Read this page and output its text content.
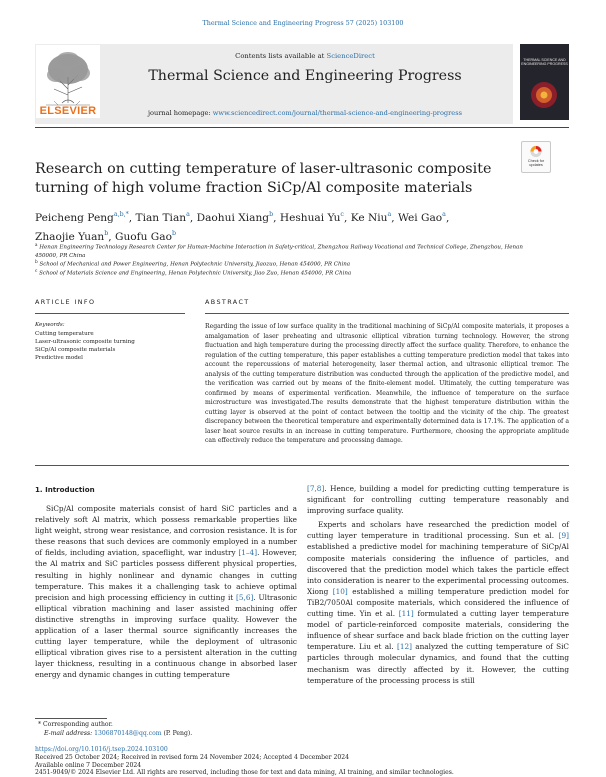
Thermal Science and Engineering Progress 57 (2025) 103100
ELSEVIER
Contents lists available at ScienceDirect
Thermal Science and Engineering Progress
journal homepage: www.sciencedirect.com/journal/thermal-science-and-engineering-progress
THERMAL SCIENCE AND ENGINEERING PROGRESS
Check for updates
Research on cutting temperature of laser-ultrasonic composite turning of high volume fraction SiCp/Al composite materials
Peicheng Peng$^{a,b,*}$, Tian Tian$^a$, Daohui Xiang$^b$, Heshuai Yu$^c$, Ke Niu$^a$, Wei Gao$^a$,
Zhaojie Yuan$^b$, Guofu Gao$^b$
$^a$ Henan Engineering Technology Research Center for Human-Machine Interaction in Safety-critical, Zhengzhou Railway Vocational and Technical College, Zhengzhou, Henan 450000, PR China
$^b$ School of Mechanical and Power Engineering, Henan Polytechnic University, Jiaozuo, Henan 454000, PR China
$^c$ School of Materials Science and Engineering, Henan Polytechnic University, Jiao Zuo, Henan 454000, PR China
ARTICLE INFO	ABSTRACT
Keywords:
Cutting temperature
Laser-ultrasonic composite turning
SiCp/Al composite materials
Predictive model
Regarding the issue of low surface quality in the traditional machining of SiCp/Al composite materials, it proposes a amalgamation of laser preheating and ultrasonic elliptical vibration turning technology. However, the strong fluctuation and high temperature during the processing directly affect the surface quality. Therefore, to enhance the regulation of the cutting temperature, this paper establishes a cutting temperature prediction model that takes into account the repercussions of material heterogeneity, laser thermal action, and ultrasonic elliptical tremor. The analysis of the cutting temperature distribution was conducted through the application of the predictive model, and the verification was carried out by means of the finite-element model. Ultimately, the cutting temperature was confirmed by means of experimental verification. Meanwhile, the influence of temperature on the surface microstructure was investigated.The results demonstrate that the highest temperature distribution within the cutting layer is observed at the point of contact between the tooltip and the vicinity of the chip. The greatest discrepancy between the theoretical temperature and experimentally determined data is 17.1%. The application of a laser heat source results in an increase in cutting temperature. Furthermore, choosing the appropriate amplitude can effectively reduce the temperature and processing damage.
1. Introduction

SiCp/Al composite materials consist of hard SiC particles and a relatively soft Al matrix, which possess remarkable properties like light weight, strong wear resistance, and corrosion resistance. It is for these reasons that such devices are commonly employed in a number of fields, including aviation, spaceflight, war industry [1–4]. However, the Al matrix and SiC particles possess different physical properties, resulting in highly nonlinear and dynamic changes in cutting temperature. This makes it a challenging task to achieve optimal precision and high processing efficiency in cutting it [5,6]. Ultrasonic elliptical vibration machining and laser assisted machining offer distinctive strengths in improving surface quality. However the application of a laser thermal source significantly increases the cutting layer temperature, while the deployment of ultrasonic elliptical vibration gives rise to a persistent alteration in the cutting layer thickness, resulting in a continuous change in absorbed laser energy and dynamic changes in cutting temperature

[7,8]. Hence, building a model for predicting cutting temperature is significant for controlling cutting temperature reasonably and improving surface quality.

Experts and scholars have researched the prediction model of cutting layer temperature in traditional processing. Sun et al. [9] established a predictive model for machining temperature of SiCp/Al composite materials considering the influence of particles, and discovered that the prediction model which takes the particle effect into consideration is nearer to the experimental processing outcomes. Xiong [10] established a milling temperature prediction model for TiB2/7050Al composite materials, which considered the influence of cutting time. Yin et al. [11] formulated a cutting layer temperature model of particle-reinforced composite materials, considering the influence of shear surface and back blade friction on the cutting layer temperature. Liu et al. [12] analyzed the cutting temperature of SiC particles through molecular dynamics, and found that the cutting mechanism was directly affected by it. However, the cutting temperature of the processing process is still

* Corresponding author.
E-mail address: 1306870148@qq.com (P. Peng).
https://doi.org/10.1016/j.tsep.2024.103100
Received 25 October 2024; Received in revised form 24 November 2024; Accepted 4 December 2024
Available online 7 December 2024
2451-9049/© 2024 Elsevier Ltd. All rights are reserved, including those for text and data mining, AI training, and similar technologies.
